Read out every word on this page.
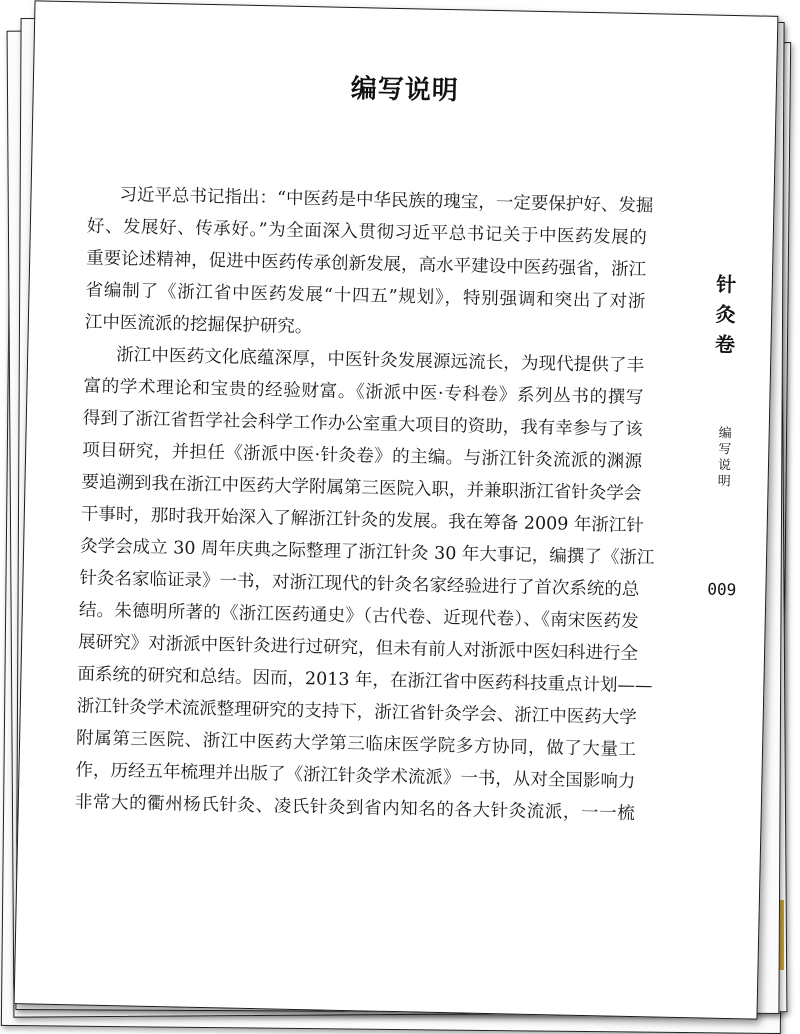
编写说明
习近平总书记指出：“中医药是中华民族的瑰宝，一定要保护好、发掘
好、发展好、传承好。”为全面深入贯彻习近平总书记关于中医药发展的
重要论述精神，促进中医药传承创新发展，高水平建设中医药强省，浙江
省编制了《浙江省中医药发展“十四五”规划》，特别强调和突出了对浙
江中医流派的挖掘保护研究。
浙江中医药文化底蕴深厚，中医针灸发展源远流长，为现代提供了丰
富的学术理论和宝贵的经验财富。《浙派中医·专科卷》系列丛书的撰写
得到了浙江省哲学社会科学工作办公室重大项目的资助，我有幸参与了该
项目研究，并担任《浙派中医·针灸卷》的主编。与浙江针灸流派的渊源
要追溯到我在浙江中医药大学附属第三医院入职，并兼职浙江省针灸学会
干事时，那时我开始深入了解浙江针灸的发展。我在筹备 2009 年浙江针
灸学会成立 30 周年庆典之际整理了浙江针灸 30 年大事记，编撰了《浙江
针灸名家临证录》一书，对浙江现代的针灸名家经验进行了首次系统的总
结。朱德明所著的《浙江医药通史》（古代卷、近现代卷）、《南宋医药发
展研究》对浙派中医针灸进行过研究，但未有前人对浙派中医妇科进行全
面系统的研究和总结。因而，2013 年，在浙江省中医药科技重点计划——
浙江针灸学术流派整理研究的支持下，浙江省针灸学会、浙江中医药大学
附属第三医院、浙江中医药大学第三临床医学院多方协同，做了大量工
作，历经五年梳理并出版了《浙江针灸学术流派》一书，从对全国影响力
非常大的衢州杨氏针灸、凌氏针灸到省内知名的各大针灸流派，一一梳
针灸卷
编写说明
009
